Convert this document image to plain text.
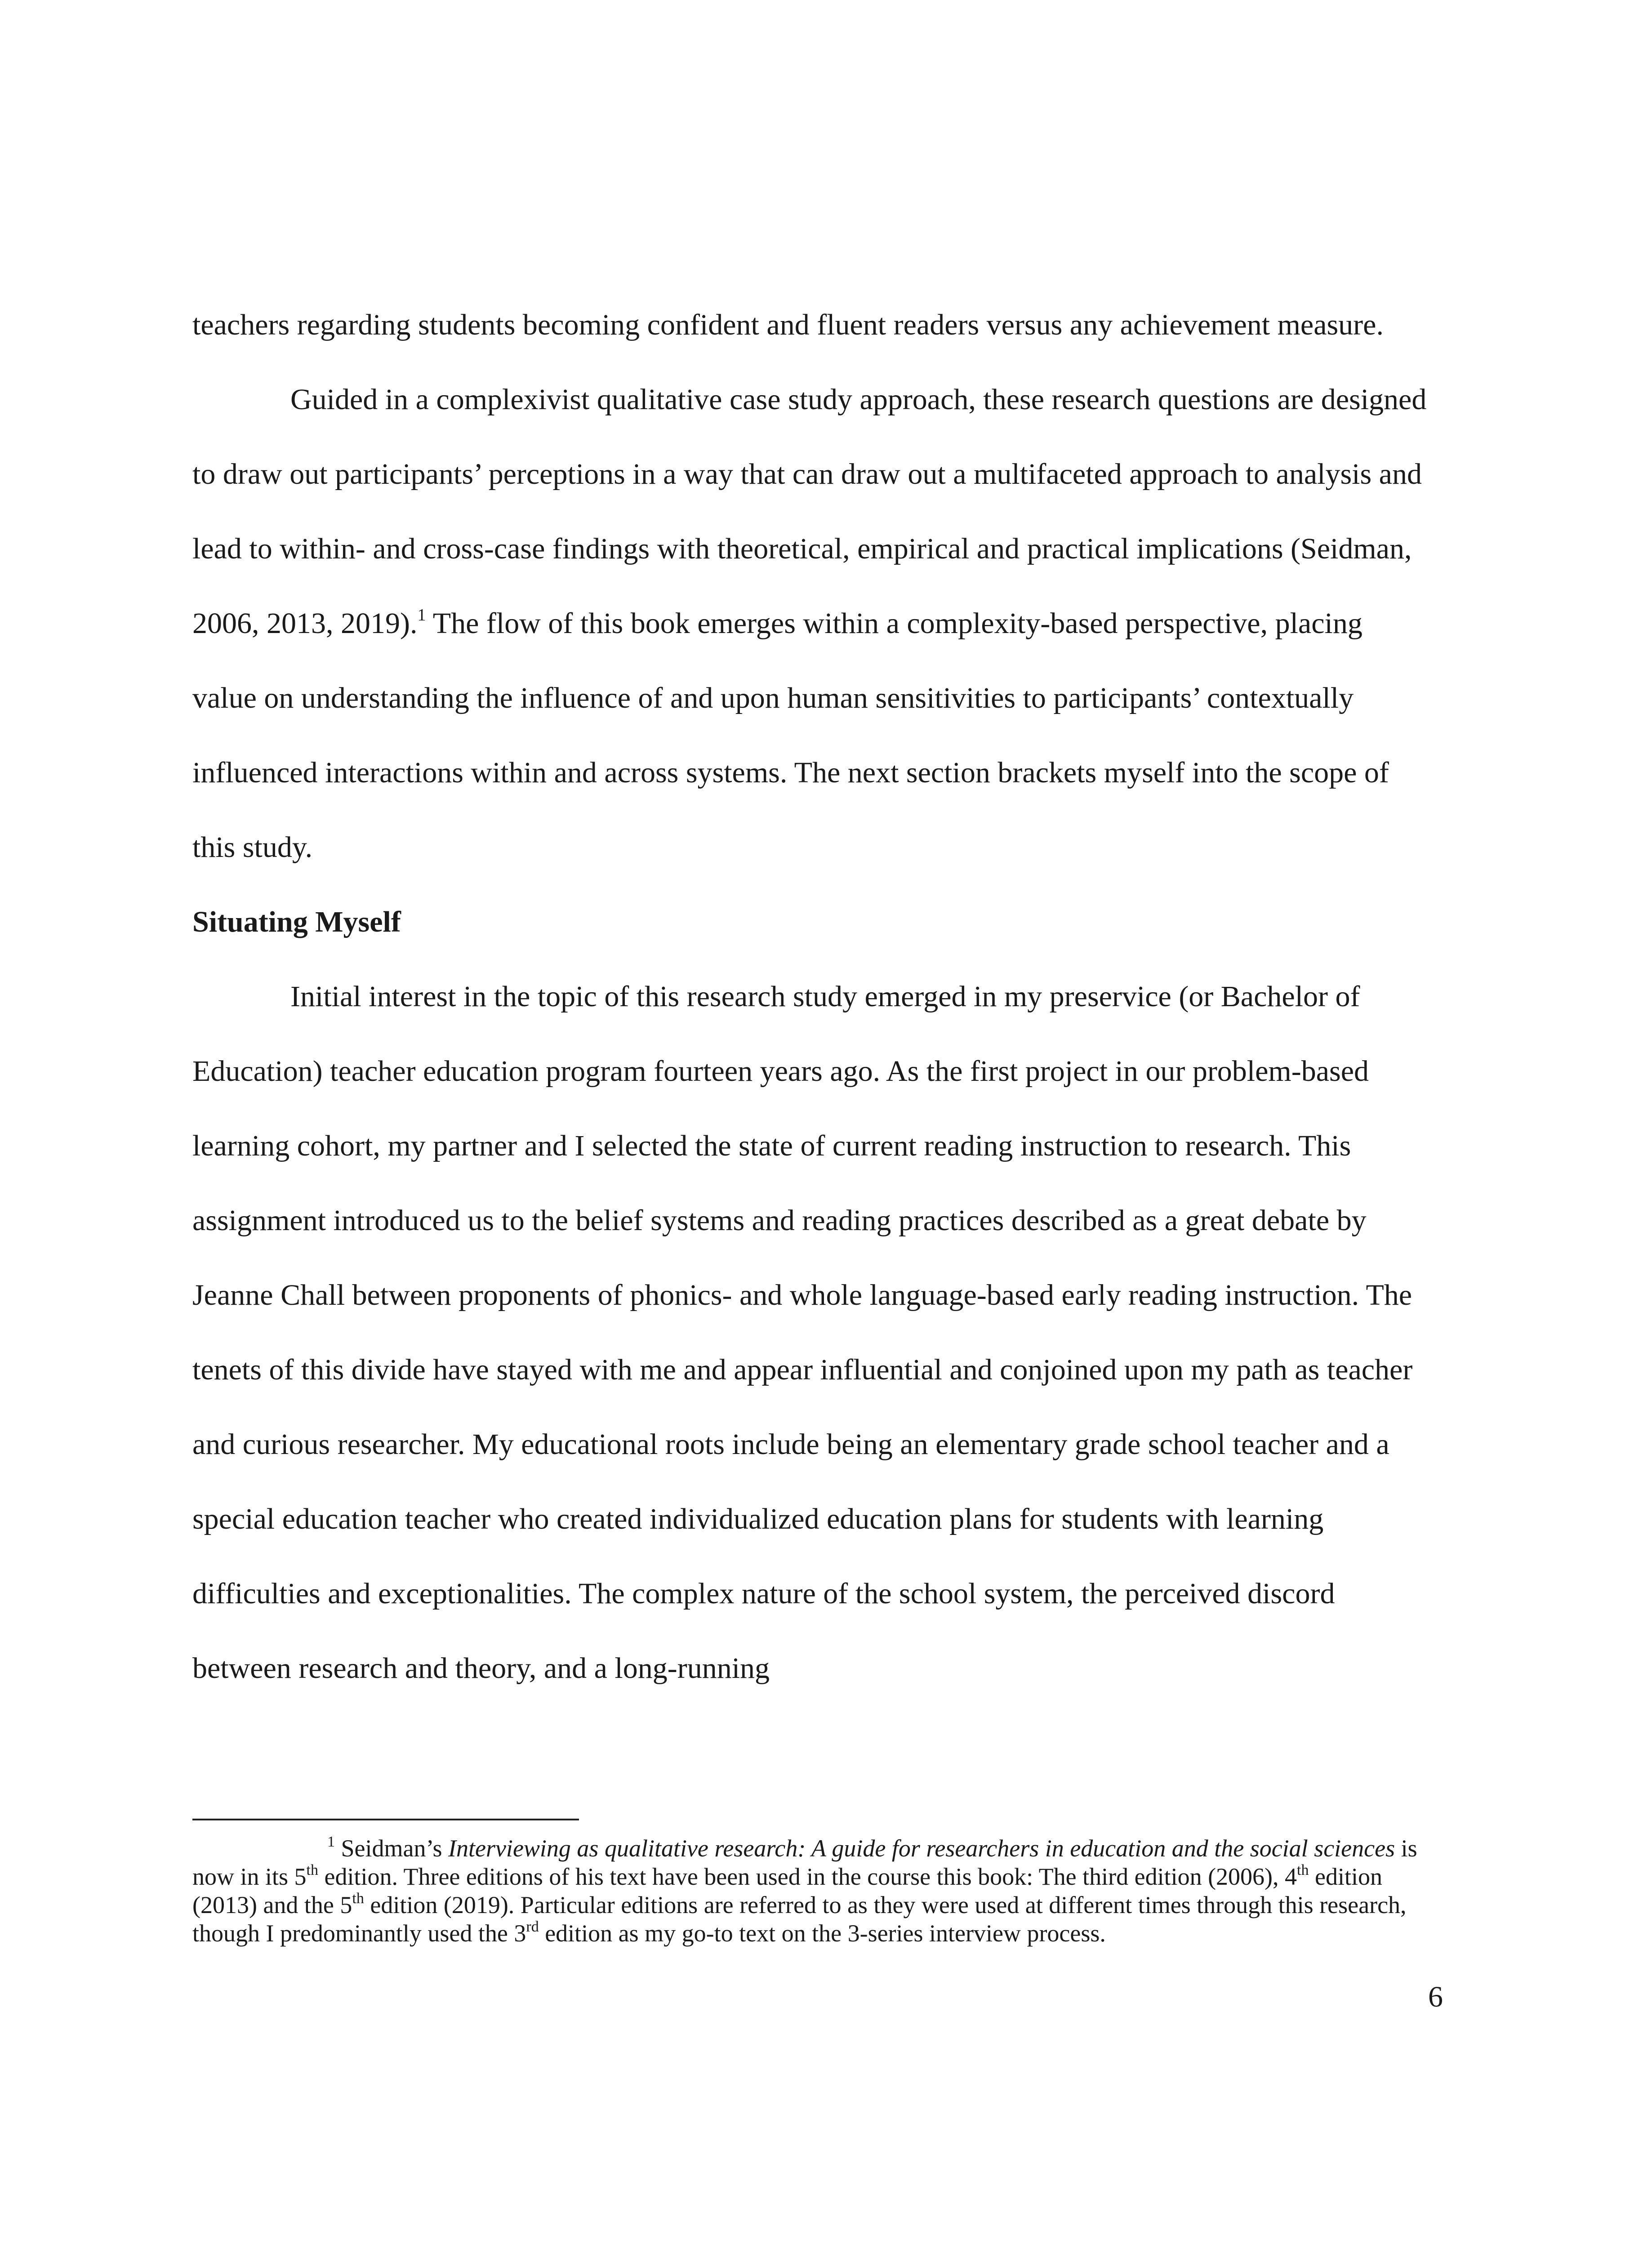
teachers regarding students becoming confident and fluent readers versus any achievement measure.

Guided in a complexivist qualitative case study approach, these research questions are designed to draw out participants’ perceptions in a way that can draw out a multifaceted approach to analysis and lead to within- and cross-case findings with theoretical, empirical and practical implications (Seidman, 2006, 2013, 2019).$^1$ The flow of this book emerges within a complexity-based perspective, placing value on understanding the influence of and upon human sensitivities to participants’ contextually influenced interactions within and across systems. The next section brackets myself into the scope of this study.

Situating Myself

Initial interest in the topic of this research study emerged in my preservice (or Bachelor of Education) teacher education program fourteen years ago. As the first project in our problem-based learning cohort, my partner and I selected the state of current reading instruction to research. This assignment introduced us to the belief systems and reading practices described as a great debate by Jeanne Chall between proponents of phonics- and whole language-based early reading instruction. The tenets of this divide have stayed with me and appear influential and conjoined upon my path as teacher and curious researcher. My educational roots include being an elementary grade school teacher and a special education teacher who created individualized education plans for students with learning difficulties and exceptionalities. The complex nature of the school system, the perceived discord between research and theory, and a long-running

$^1$ Seidman’s Interviewing as qualitative research: A guide for researchers in education and the social sciences is now in its 5th edition. Three editions of his text have been used in the course this book: The third edition (2006), 4th edition (2013) and the 5th edition (2019). Particular editions are referred to as they were used at different times through this research, though I predominantly used the 3rd edition as my go-to text on the 3-series interview process.

6
